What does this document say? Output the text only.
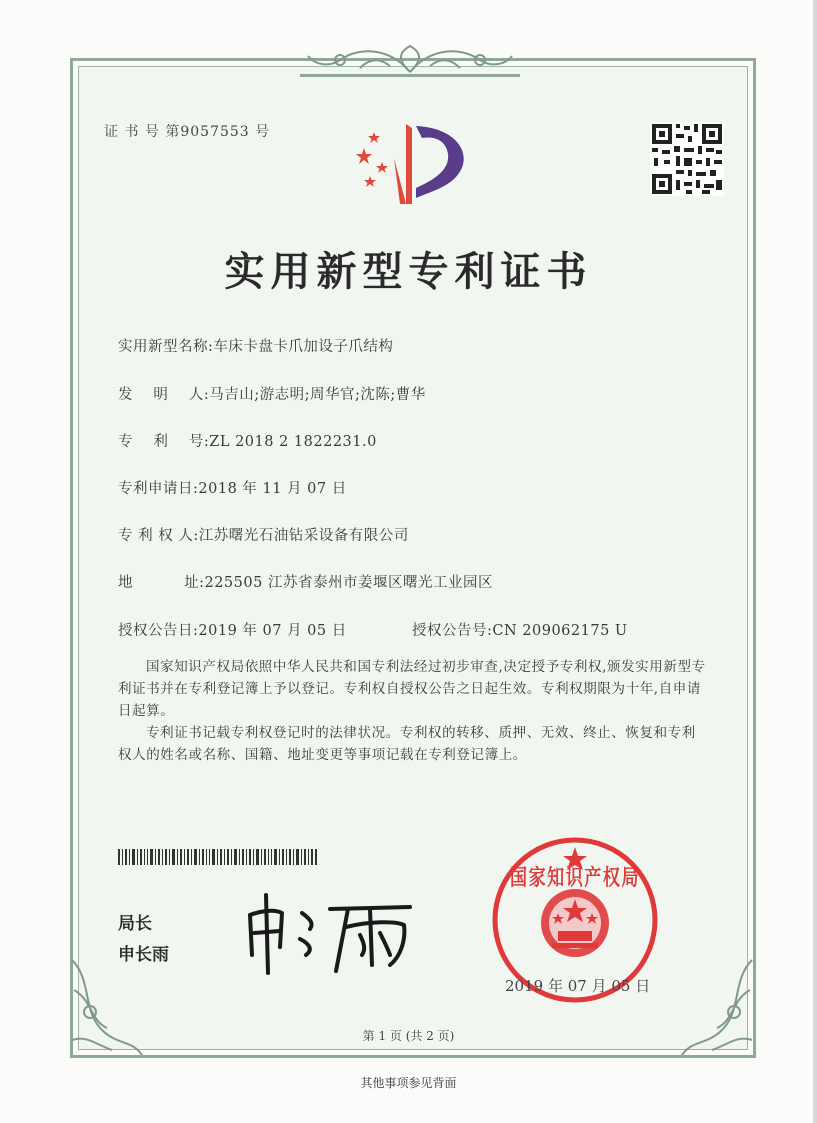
证 书 号 第9057553 号
实用新型专利证书
实用新型名称:车床卡盘卡爪加设子爪结构
发    明    人:马吉山;游志明;周华官;沈陈;曹华
专    利    号:ZL 2018 2 1822231.0
专利申请日:2018 年 11 月 07 日
专 利 权 人:江苏曙光石油钻采设备有限公司
地          址:225505 江苏省泰州市姜堰区曙光工业园区
授权公告日:2019 年 07 月 05 日	授权公告号:CN 209062175 U
国家知识产权局依照中华人民共和国专利法经过初步审查,决定授予专利权,颁发实用新型专利证书并在专利登记簿上予以登记。专利权自授权公告之日起生效。专利权期限为十年,自申请日起算。
专利证书记载专利权登记时的法律状况。专利权的转移、质押、无效、终止、恢复和专利权人的姓名或名称、国籍、地址变更等事项记载在专利登记簿上。
局长
申长雨
国家知识产权局
2019 年 07 月 05 日
第 1 页 (共 2 页)
其他事项参见背面
